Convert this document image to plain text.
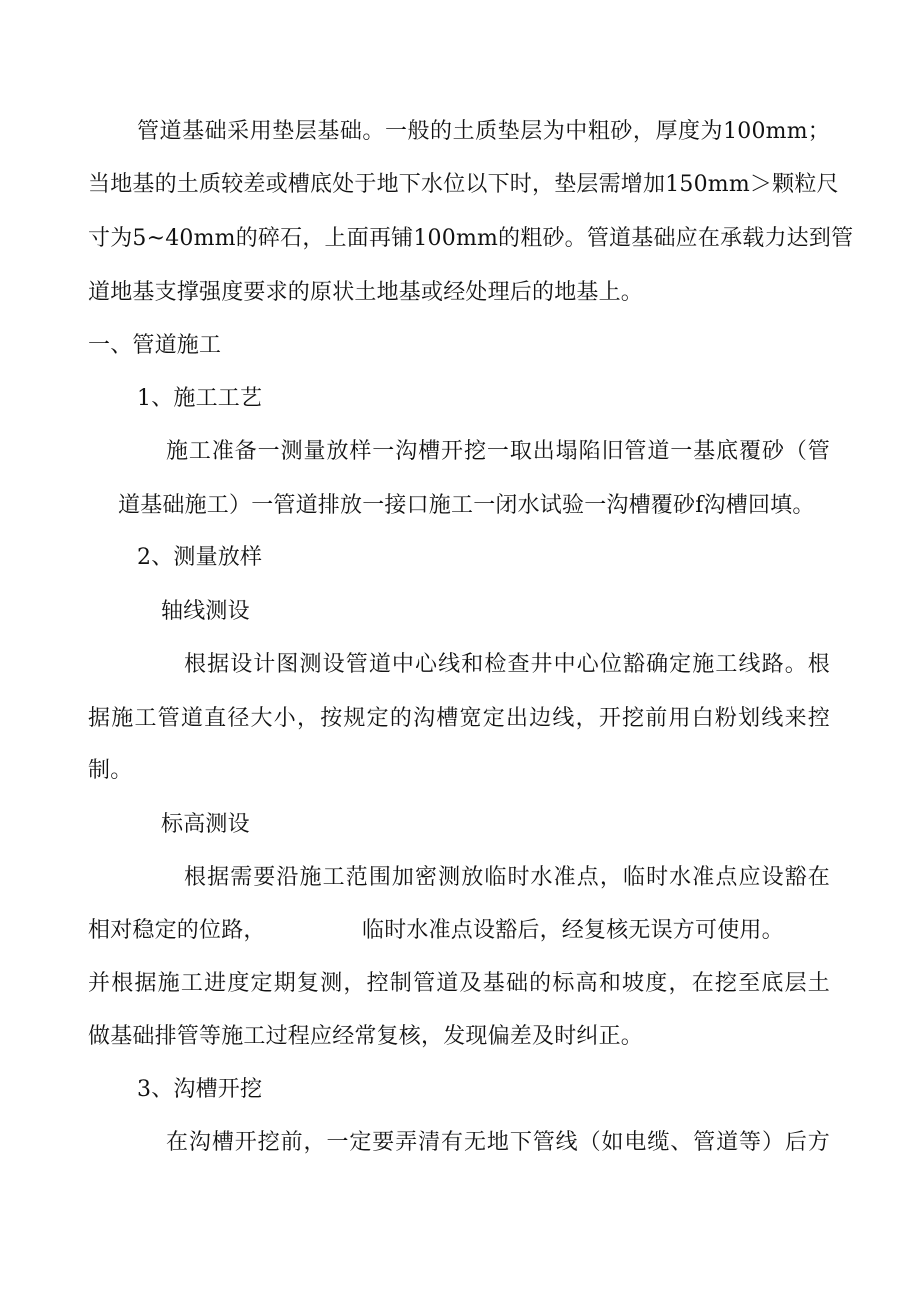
管道基础采用垫层基础。一般的土质垫层为中粗砂，厚度为100mm；
当地基的土质较差或槽底处于地下水位以下时，垫层需增加150mm＞颗粒尺
寸为5~40mm的碎石，上面再铺100mm的粗砂。管道基础应在承载力达到管
道地基支撑强度要求的原状土地基或经处理后的地基上。
一、管道施工
1、施工工艺
施工准备一测量放样一沟槽开挖一取出塌陷旧管道一基底覆砂（管
道基础施工）一管道排放一接口施工一闭水试验一沟槽覆砂f沟槽回填。
2、测量放样
轴线测设
根据设计图测设管道中心线和检查井中心位豁确定施工线路。根
据施工管道直径大小，按规定的沟槽宽定出边线，开挖前用白粉划线来控
制。
标高测设
根据需要沿施工范围加密测放临时水准点，临时水准点应设豁在
相对稳定的位路，	临时水准点设豁后，经复核无误方可使用。
并根据施工进度定期复测，控制管道及基础的标高和坡度，在挖至底层土
做基础排管等施工过程应经常复核，发现偏差及时纠正。
3、沟槽开挖
在沟槽开挖前，一定要弄清有无地下管线（如电缆、管道等）后方
